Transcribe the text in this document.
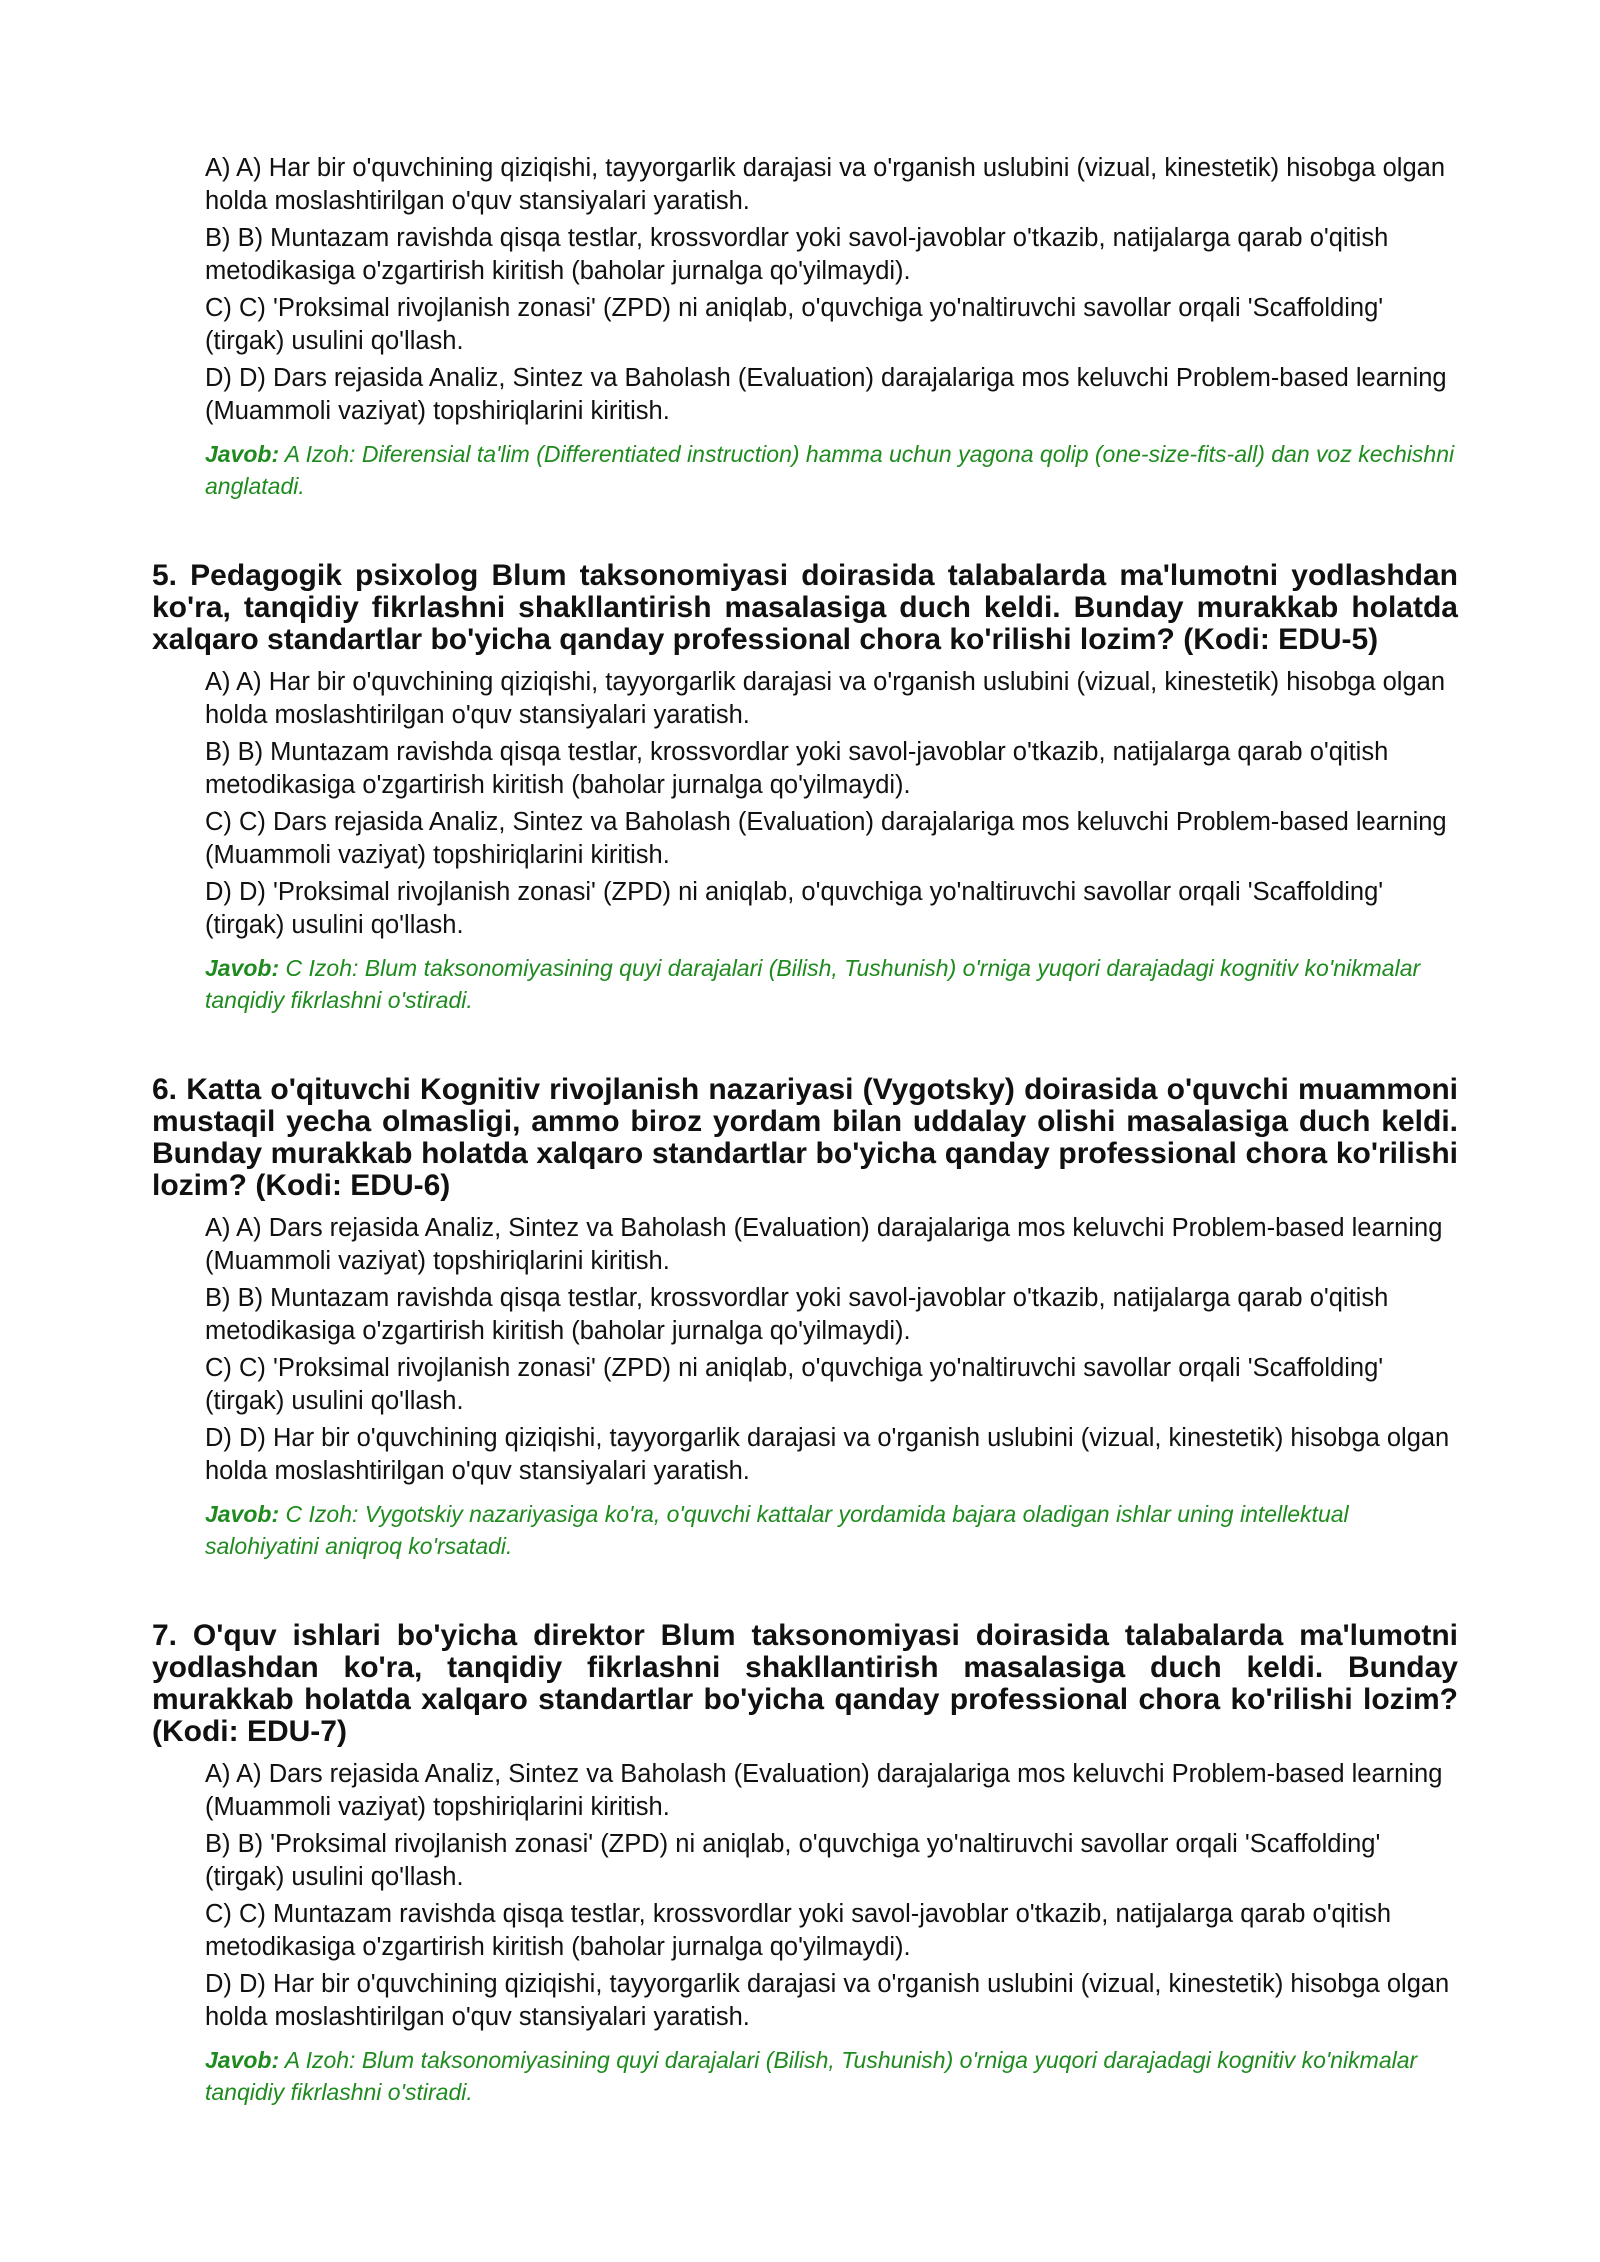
A) A) Har bir o'quvchining qiziqishi, tayyorgarlik darajasi va o'rganish uslubini (vizual, kinestetik) hisobga olgan holda moslashtirilgan o'quv stansiyalari yaratish.
B) B) Muntazam ravishda qisqa testlar, krossvordlar yoki savol-javoblar o'tkazib, natijalarga qarab o'qitish metodikasiga o'zgartirish kiritish (baholar jurnalga qo'yilmaydi).
C) C) 'Proksimal rivojlanish zonasi' (ZPD) ni aniqlab, o'quvchiga yo'naltiruvchi savollar orqali 'Scaffolding' (tirgak) usulini qo'llash.
D) D) Dars rejasida Analiz, Sintez va Baholash (Evaluation) darajalariga mos keluvchi Problem-based learning (Muammoli vaziyat) topshiriqlarini kiritish.
Javob: A Izoh: Diferensial ta'lim (Differentiated instruction) hamma uchun yagona qolip (one-size-fits-all) dan voz kechishni anglatadi.
5. Pedagogik psixolog Blum taksonomiyasi doirasida talabalarda ma'lumotni yodlashdan ko'ra, tanqidiy fikrlashni shakllantirish masalasiga duch keldi. Bunday murakkab holatda xalqaro standartlar bo'yicha qanday professional chora ko'rilishi lozim? (Kodi: EDU-5)
A) A) Har bir o'quvchining qiziqishi, tayyorgarlik darajasi va o'rganish uslubini (vizual, kinestetik) hisobga olgan holda moslashtirilgan o'quv stansiyalari yaratish.
B) B) Muntazam ravishda qisqa testlar, krossvordlar yoki savol-javoblar o'tkazib, natijalarga qarab o'qitish metodikasiga o'zgartirish kiritish (baholar jurnalga qo'yilmaydi).
C) C) Dars rejasida Analiz, Sintez va Baholash (Evaluation) darajalariga mos keluvchi Problem-based learning (Muammoli vaziyat) topshiriqlarini kiritish.
D) D) 'Proksimal rivojlanish zonasi' (ZPD) ni aniqlab, o'quvchiga yo'naltiruvchi savollar orqali 'Scaffolding' (tirgak) usulini qo'llash.
Javob: C Izoh: Blum taksonomiyasining quyi darajalari (Bilish, Tushunish) o'rniga yuqori darajadagi kognitiv ko'nikmalar tanqidiy fikrlashni o'stiradi.
6. Katta o'qituvchi Kognitiv rivojlanish nazariyasi (Vygotsky) doirasida o'quvchi muammoni mustaqil yecha olmasligi, ammo biroz yordam bilan uddalay olishi masalasiga duch keldi. Bunday murakkab holatda xalqaro standartlar bo'yicha qanday professional chora ko'rilishi lozim? (Kodi: EDU-6)
A) A) Dars rejasida Analiz, Sintez va Baholash (Evaluation) darajalariga mos keluvchi Problem-based learning (Muammoli vaziyat) topshiriqlarini kiritish.
B) B) Muntazam ravishda qisqa testlar, krossvordlar yoki savol-javoblar o'tkazib, natijalarga qarab o'qitish metodikasiga o'zgartirish kiritish (baholar jurnalga qo'yilmaydi).
C) C) 'Proksimal rivojlanish zonasi' (ZPD) ni aniqlab, o'quvchiga yo'naltiruvchi savollar orqali 'Scaffolding' (tirgak) usulini qo'llash.
D) D) Har bir o'quvchining qiziqishi, tayyorgarlik darajasi va o'rganish uslubini (vizual, kinestetik) hisobga olgan holda moslashtirilgan o'quv stansiyalari yaratish.
Javob: C Izoh: Vygotskiy nazariyasiga ko'ra, o'quvchi kattalar yordamida bajara oladigan ishlar uning intellektual salohiyatini aniqroq ko'rsatadi.
7. O'quv ishlari bo'yicha direktor Blum taksonomiyasi doirasida talabalarda ma'lumotni yodlashdan ko'ra, tanqidiy fikrlashni shakllantirish masalasiga duch keldi. Bunday murakkab holatda xalqaro standartlar bo'yicha qanday professional chora ko'rilishi lozim? (Kodi: EDU-7)
A) A) Dars rejasida Analiz, Sintez va Baholash (Evaluation) darajalariga mos keluvchi Problem-based learning (Muammoli vaziyat) topshiriqlarini kiritish.
B) B) 'Proksimal rivojlanish zonasi' (ZPD) ni aniqlab, o'quvchiga yo'naltiruvchi savollar orqali 'Scaffolding' (tirgak) usulini qo'llash.
C) C) Muntazam ravishda qisqa testlar, krossvordlar yoki savol-javoblar o'tkazib, natijalarga qarab o'qitish metodikasiga o'zgartirish kiritish (baholar jurnalga qo'yilmaydi).
D) D) Har bir o'quvchining qiziqishi, tayyorgarlik darajasi va o'rganish uslubini (vizual, kinestetik) hisobga olgan holda moslashtirilgan o'quv stansiyalari yaratish.
Javob: A Izoh: Blum taksonomiyasining quyi darajalari (Bilish, Tushunish) o'rniga yuqori darajadagi kognitiv ko'nikmalar tanqidiy fikrlashni o'stiradi.
